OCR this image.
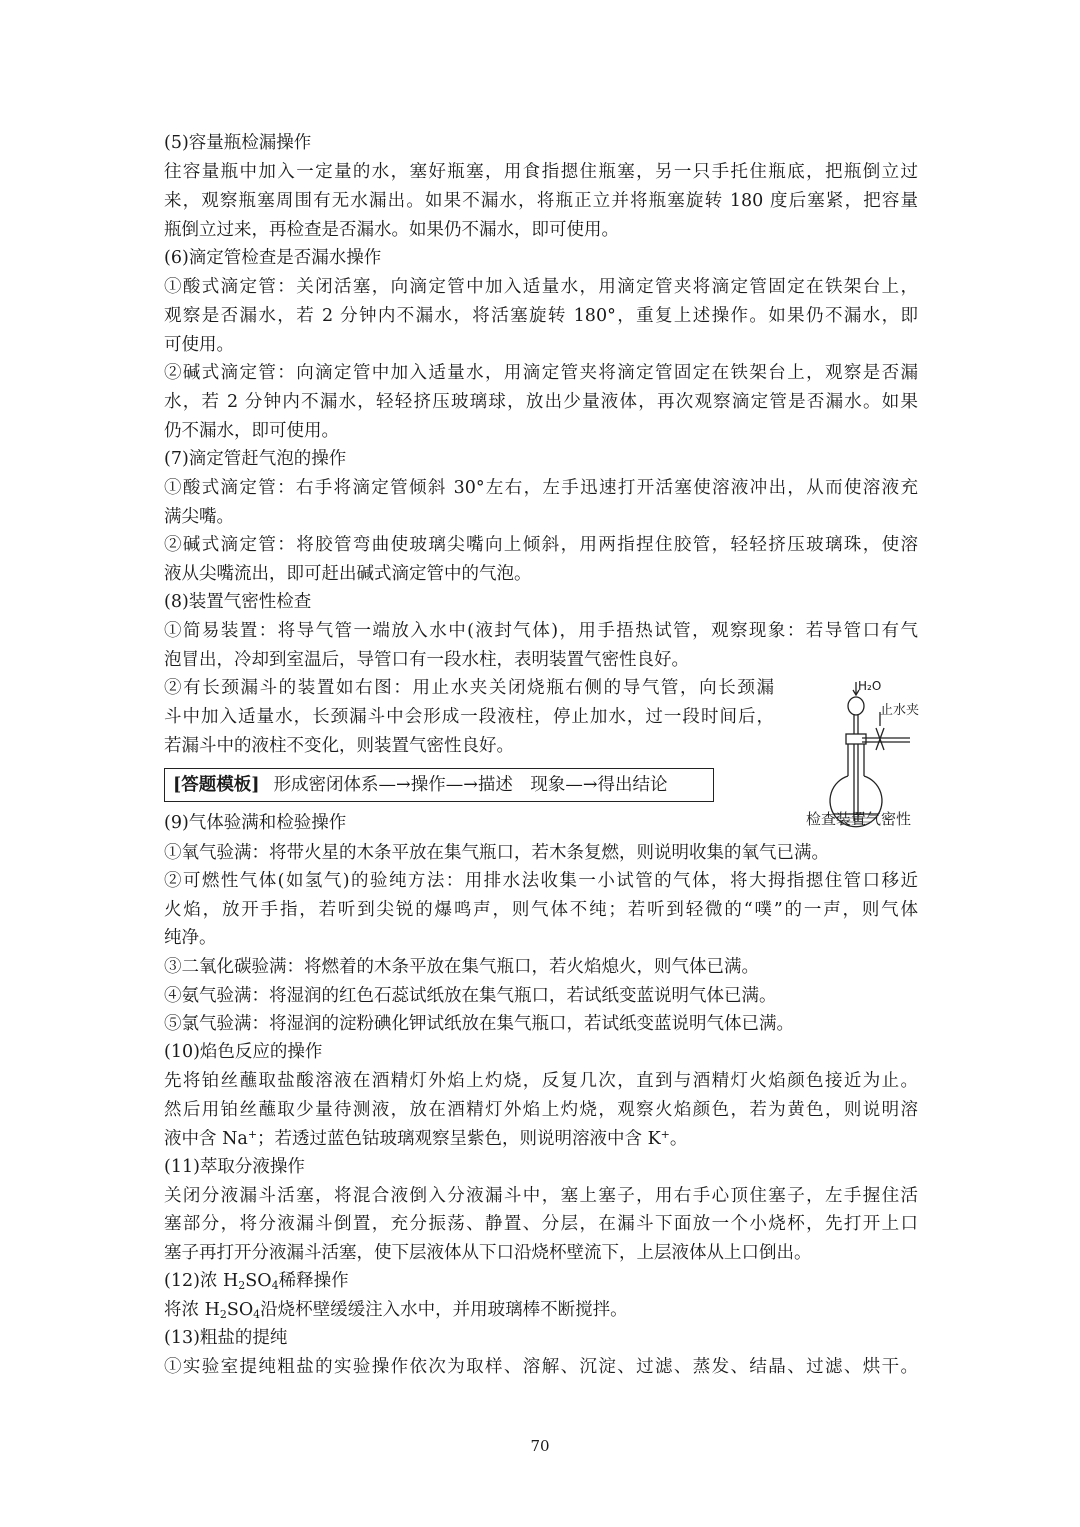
(5)容量瓶检漏操作
往容量瓶中加入一定量的水，塞好瓶塞，用食指摁住瓶塞，另一只手托住瓶底，把瓶倒立过
来，观察瓶塞周围有无水漏出。如果不漏水，将瓶正立并将瓶塞旋转 180 度后塞紧，把容量
瓶倒立过来，再检查是否漏水。如果仍不漏水，即可使用。
(6)滴定管检查是否漏水操作
①酸式滴定管：关闭活塞，向滴定管中加入适量水，用滴定管夹将滴定管固定在铁架台上，
观察是否漏水，若 2 分钟内不漏水，将活塞旋转 180°，重复上述操作。如果仍不漏水，即
可使用。
②碱式滴定管：向滴定管中加入适量水，用滴定管夹将滴定管固定在铁架台上，观察是否漏
水，若 2 分钟内不漏水，轻轻挤压玻璃球，放出少量液体，再次观察滴定管是否漏水。如果
仍不漏水，即可使用。
(7)滴定管赶气泡的操作
①酸式滴定管：右手将滴定管倾斜 30°左右，左手迅速打开活塞使溶液冲出，从而使溶液充
满尖嘴。
②碱式滴定管：将胶管弯曲使玻璃尖嘴向上倾斜，用两指捏住胶管，轻轻挤压玻璃珠，使溶
液从尖嘴流出，即可赶出碱式滴定管中的气泡。
(8)装置气密性检查
①简易装置：将导气管一端放入水中(液封气体)，用手捂热试管，观察现象：若导管口有气
泡冒出，冷却到室温后，导管口有一段水柱，表明装置气密性良好。
②有长颈漏斗的装置如右图：用止水夹关闭烧瓶右侧的导气管，向长颈漏
斗中加入适量水，长颈漏斗中会形成一段液柱，停止加水，过一段时间后，
若漏斗中的液柱不变化，则装置气密性良好。
[答题模板] 形成密闭体系—→操作—→描述　现象—→得出结论
H₂O
止水夹
检查装置气密性
(9)气体验满和检验操作
①氧气验满：将带火星的木条平放在集气瓶口，若木条复燃，则说明收集的氧气已满。
②可燃性气体(如氢气)的验纯方法：用排水法收集一小试管的气体，将大拇指摁住管口移近
火焰，放开手指，若听到尖锐的爆鸣声，则气体不纯；若听到轻微的“噗”的一声，则气体
纯净。
③二氧化碳验满：将燃着的木条平放在集气瓶口，若火焰熄火，则气体已满。
④氨气验满：将湿润的红色石蕊试纸放在集气瓶口，若试纸变蓝说明气体已满。
⑤氯气验满：将湿润的淀粉碘化钾试纸放在集气瓶口，若试纸变蓝说明气体已满。
(10)焰色反应的操作
先将铂丝蘸取盐酸溶液在酒精灯外焰上灼烧，反复几次，直到与酒精灯火焰颜色接近为止。
然后用铂丝蘸取少量待测液，放在酒精灯外焰上灼烧，观察火焰颜色，若为黄色，则说明溶
液中含 Na+；若透过蓝色钴玻璃观察呈紫色，则说明溶液中含 K+。
(11)萃取分液操作
关闭分液漏斗活塞，将混合液倒入分液漏斗中，塞上塞子，用右手心顶住塞子，左手握住活
塞部分，将分液漏斗倒置，充分振荡、静置、分层，在漏斗下面放一个小烧杯，先打开上口
塞子再打开分液漏斗活塞，使下层液体从下口沿烧杯壁流下，上层液体从上口倒出。
(12)浓 $H_2SO_4$稀释操作
将浓 $H_2SO_4$沿烧杯壁缓缓注入水中，并用玻璃棒不断搅拌。
(13)粗盐的提纯
①实验室提纯粗盐的实验操作依次为取样、溶解、沉淀、过滤、蒸发、结晶、过滤、烘干。
70
